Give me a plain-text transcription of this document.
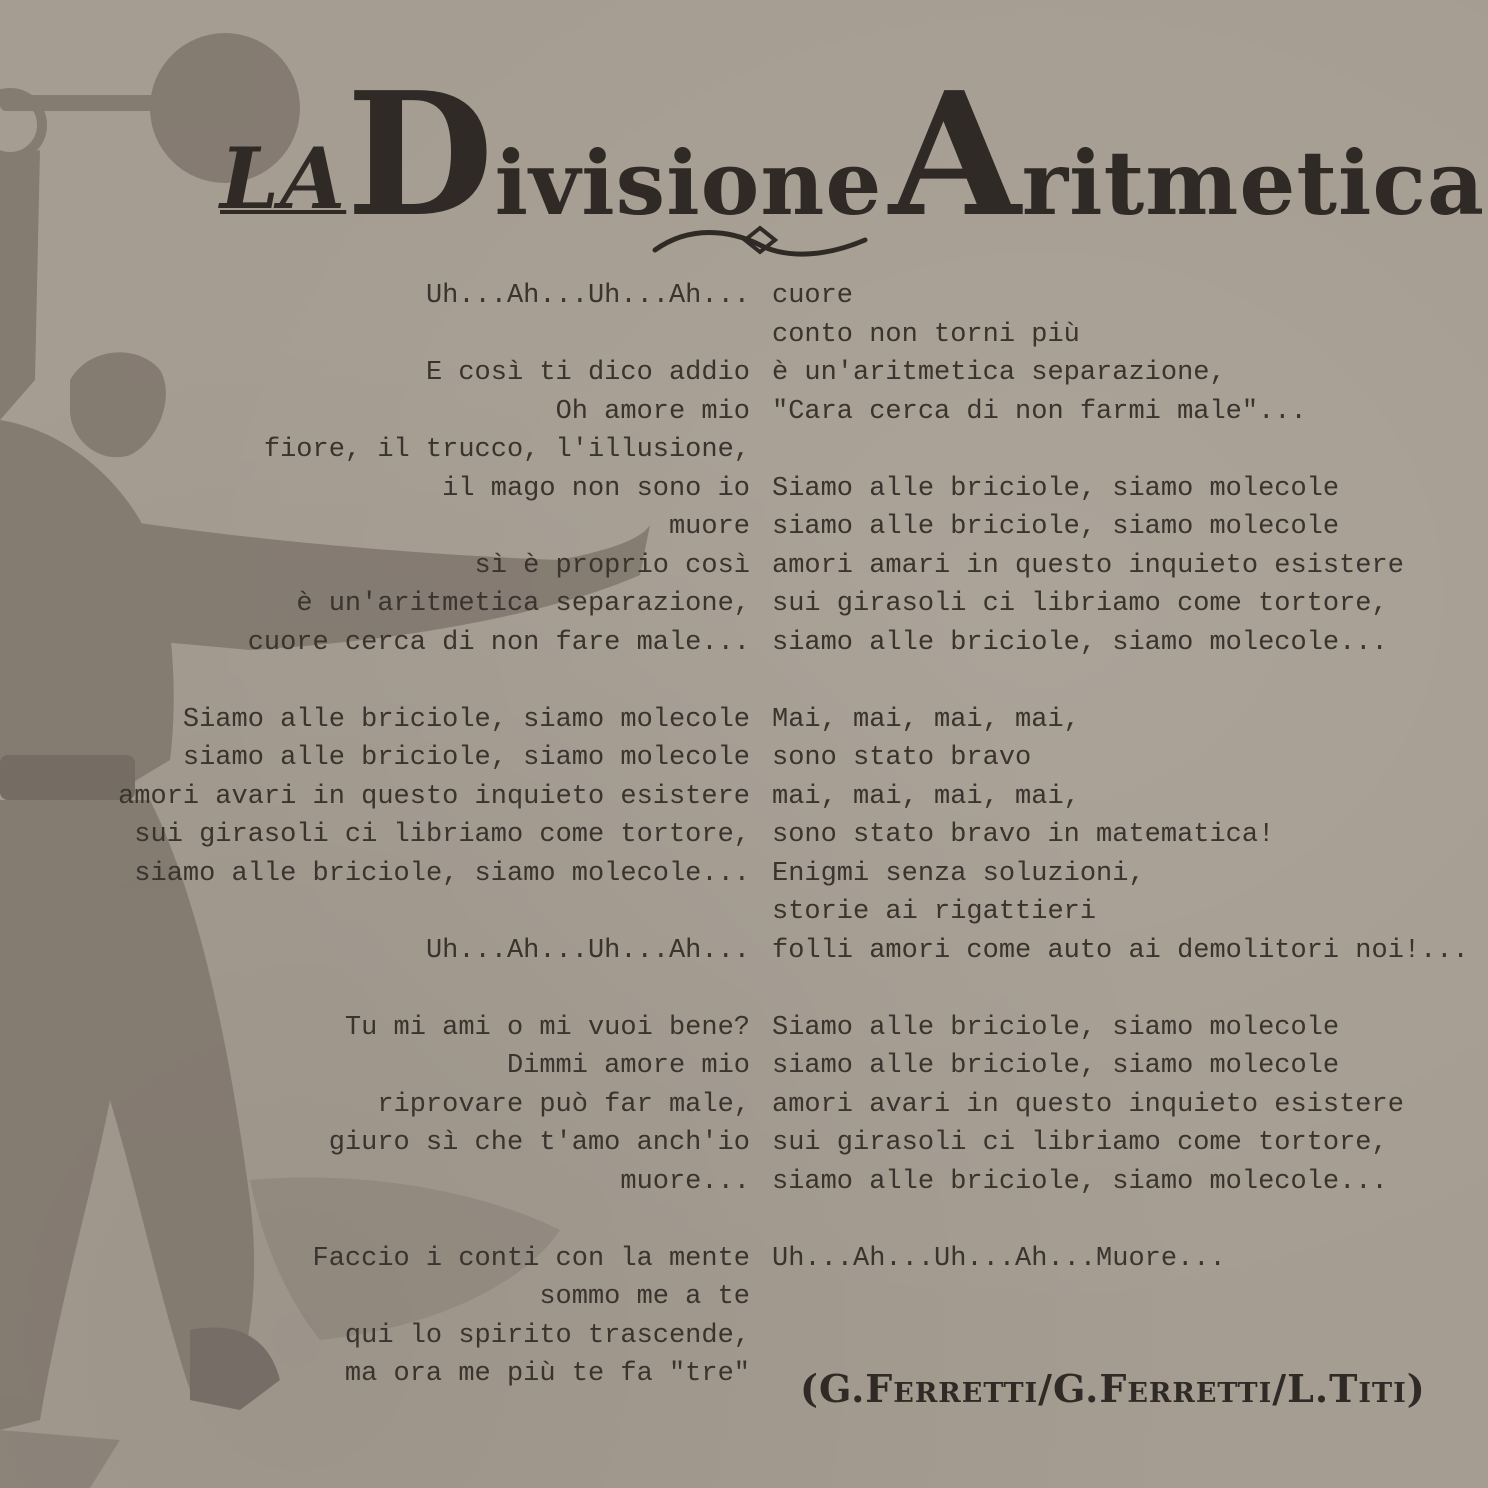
LADivisione Aritmetica
Uh...Ah...Uh...Ah...
E così ti dico addio
Oh amore mio
fiore, il trucco, l'illusione,
il mago non sono io
muore
sì è proprio così
è un'aritmetica separazione,
cuore cerca di non fare male...
Siamo alle briciole, siamo molecole
siamo alle briciole, siamo molecole
amori avari in questo inquieto esistere
sui girasoli ci libriamo come tortore,
siamo alle briciole, siamo molecole...
Uh...Ah...Uh...Ah...
Tu mi ami o mi vuoi bene?
Dimmi amore mio
riprovare può far male,
giuro sì che t'amo anch'io
muore...
Faccio i conti con la mente
sommo me a te
qui lo spirito trascende,
ma ora me più te fa "tre"
cuore
conto non torni più
è un'aritmetica separazione,
"Cara cerca di non farmi male"...
Siamo alle briciole, siamo molecole
siamo alle briciole, siamo molecole
amori amari in questo inquieto esistere
sui girasoli ci libriamo come tortore,
siamo alle briciole, siamo molecole...
Mai, mai, mai, mai,
sono stato bravo
mai, mai, mai, mai,
sono stato bravo in matematica!
Enigmi senza soluzioni,
storie ai rigattieri
folli amori come auto ai demolitori noi!...
Siamo alle briciole, siamo molecole
siamo alle briciole, siamo molecole
amori avari in questo inquieto esistere
sui girasoli ci libriamo come tortore,
siamo alle briciole, siamo molecole...
Uh...Ah...Uh...Ah...Muore...
(G.Ferretti/G.Ferretti/L.Titi)
